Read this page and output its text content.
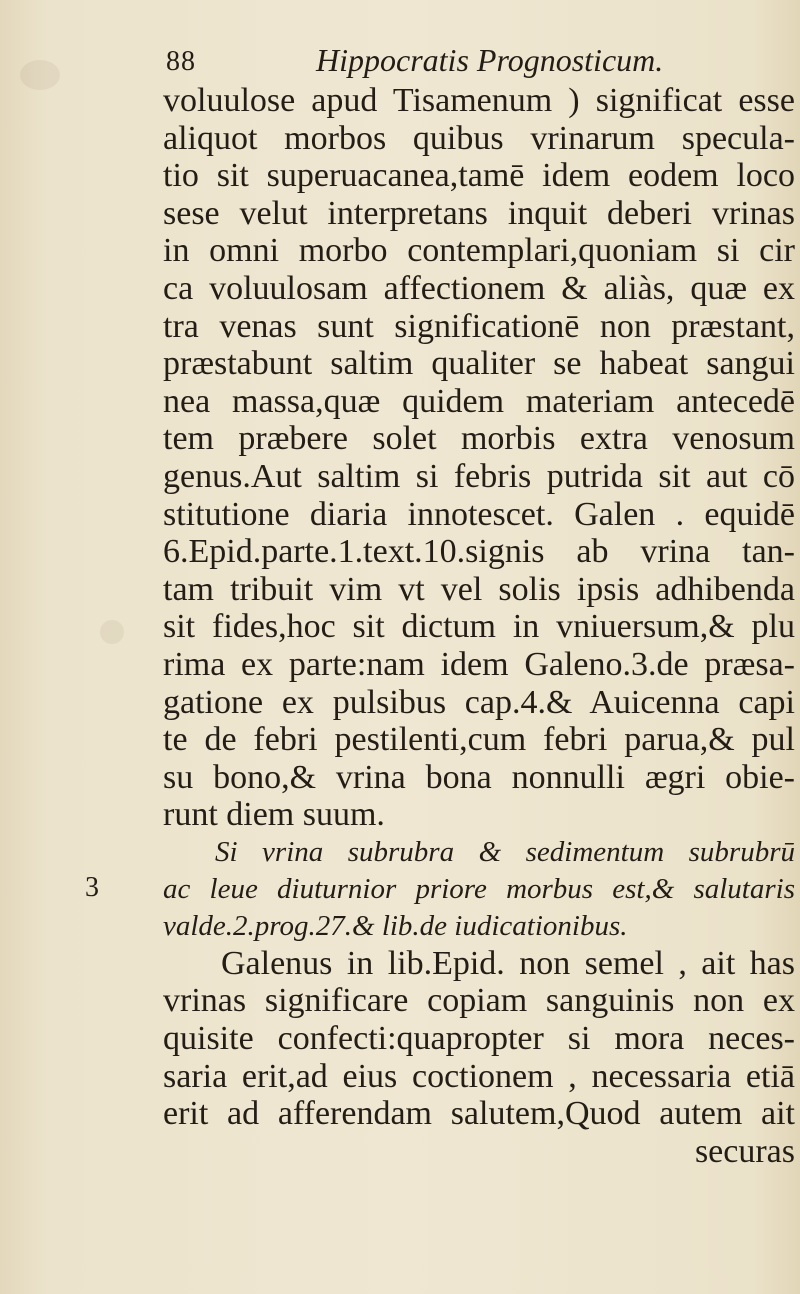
88	Hippocratis Prognosticum.
3
voluulose apud Tisamenum ) significat esse
aliquot morbos quibus vrinarum specula-
tio sit superuacanea,tamē idem eodem loco
sese velut interpretans inquit deberi vrinas
in omni morbo contemplari,quoniam si cir
ca voluulosam affectionem & aliàs, quæ ex
tra venas sunt significationē non præstant,
præstabunt saltim qualiter se habeat sangui
nea massa,quæ quidem materiam antecedē
tem præbere solet morbis extra venosum
genus.Aut saltim si febris putrida sit aut cō
stitutione diaria innotescet. Galen . equidē
6.Epid.parte.1.text.10.signis ab vrina tan-
tam tribuit vim vt vel solis ipsis adhibenda
sit fides,hoc sit dictum in vniuersum,& plu
rima ex parte:nam idem Galeno.3.de præsa-
gatione ex pulsibus cap.4.& Auicenna capi
te de febri pestilenti,cum febri parua,& pul
su bono,& vrina bona nonnulli ægri obie-
runt diem suum.
Si vrina subrubra & sedimentum subrubrū
ac leue diuturnior priore morbus est,& salutaris
valde.2.prog.27.& lib.de iudicationibus.
Galenus in lib.Epid. non semel , ait has
vrinas significare copiam sanguinis non ex
quisite confecti:quapropter si mora neces-
saria erit,ad eius coctionem , necessaria etiā
erit ad afferendam salutem,Quod autem ait
securas
